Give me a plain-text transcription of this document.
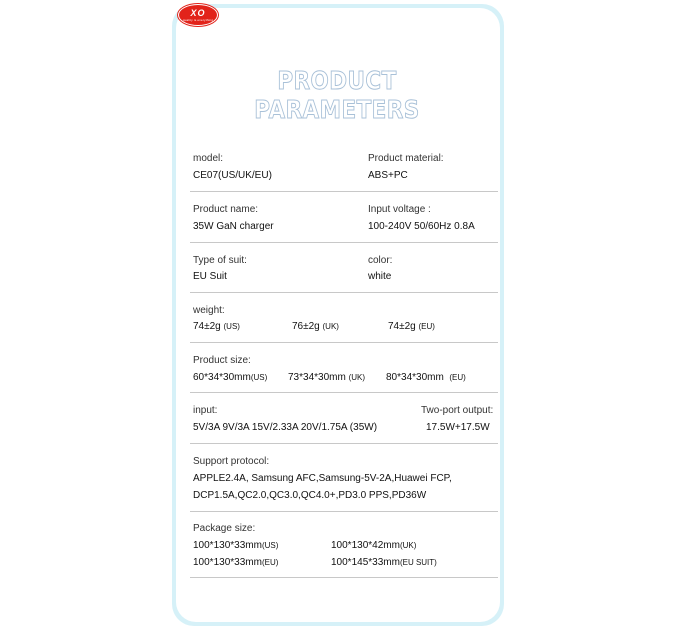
XO
quality is everything
PRODUCT PARAMETERS
model:
CE07(US/UK/EU)
Product material:
ABS+PC
Product name:
35W GaN charger
Input voltage :
100-240V 50/60Hz 0.8A
Type of suit:
EU Suit
color:
white
weight:
74±2g (US)	76±2g (UK)	74±2g (EU)
Product size:
60*34*30mm(US) 73*34*30mm (UK) 80*34*30mm (EU)
input:
5V/3A 9V/3A 15V/2.33A 20V/1.75A (35W)
Two-port output:
17.5W+17.5W
Support protocol:
APPLE2.4A, Samsung AFC,Samsung-5V-2A,Huawei FCP,
DCP1.5A,QC2.0,QC3.0,QC4.0+,PD3.0 PPS,PD36W
Package size:
100*130*33mm(US)	100*130*42mm(UK)
100*130*33mm(EU)	100*145*33mm(EU SUIT)
